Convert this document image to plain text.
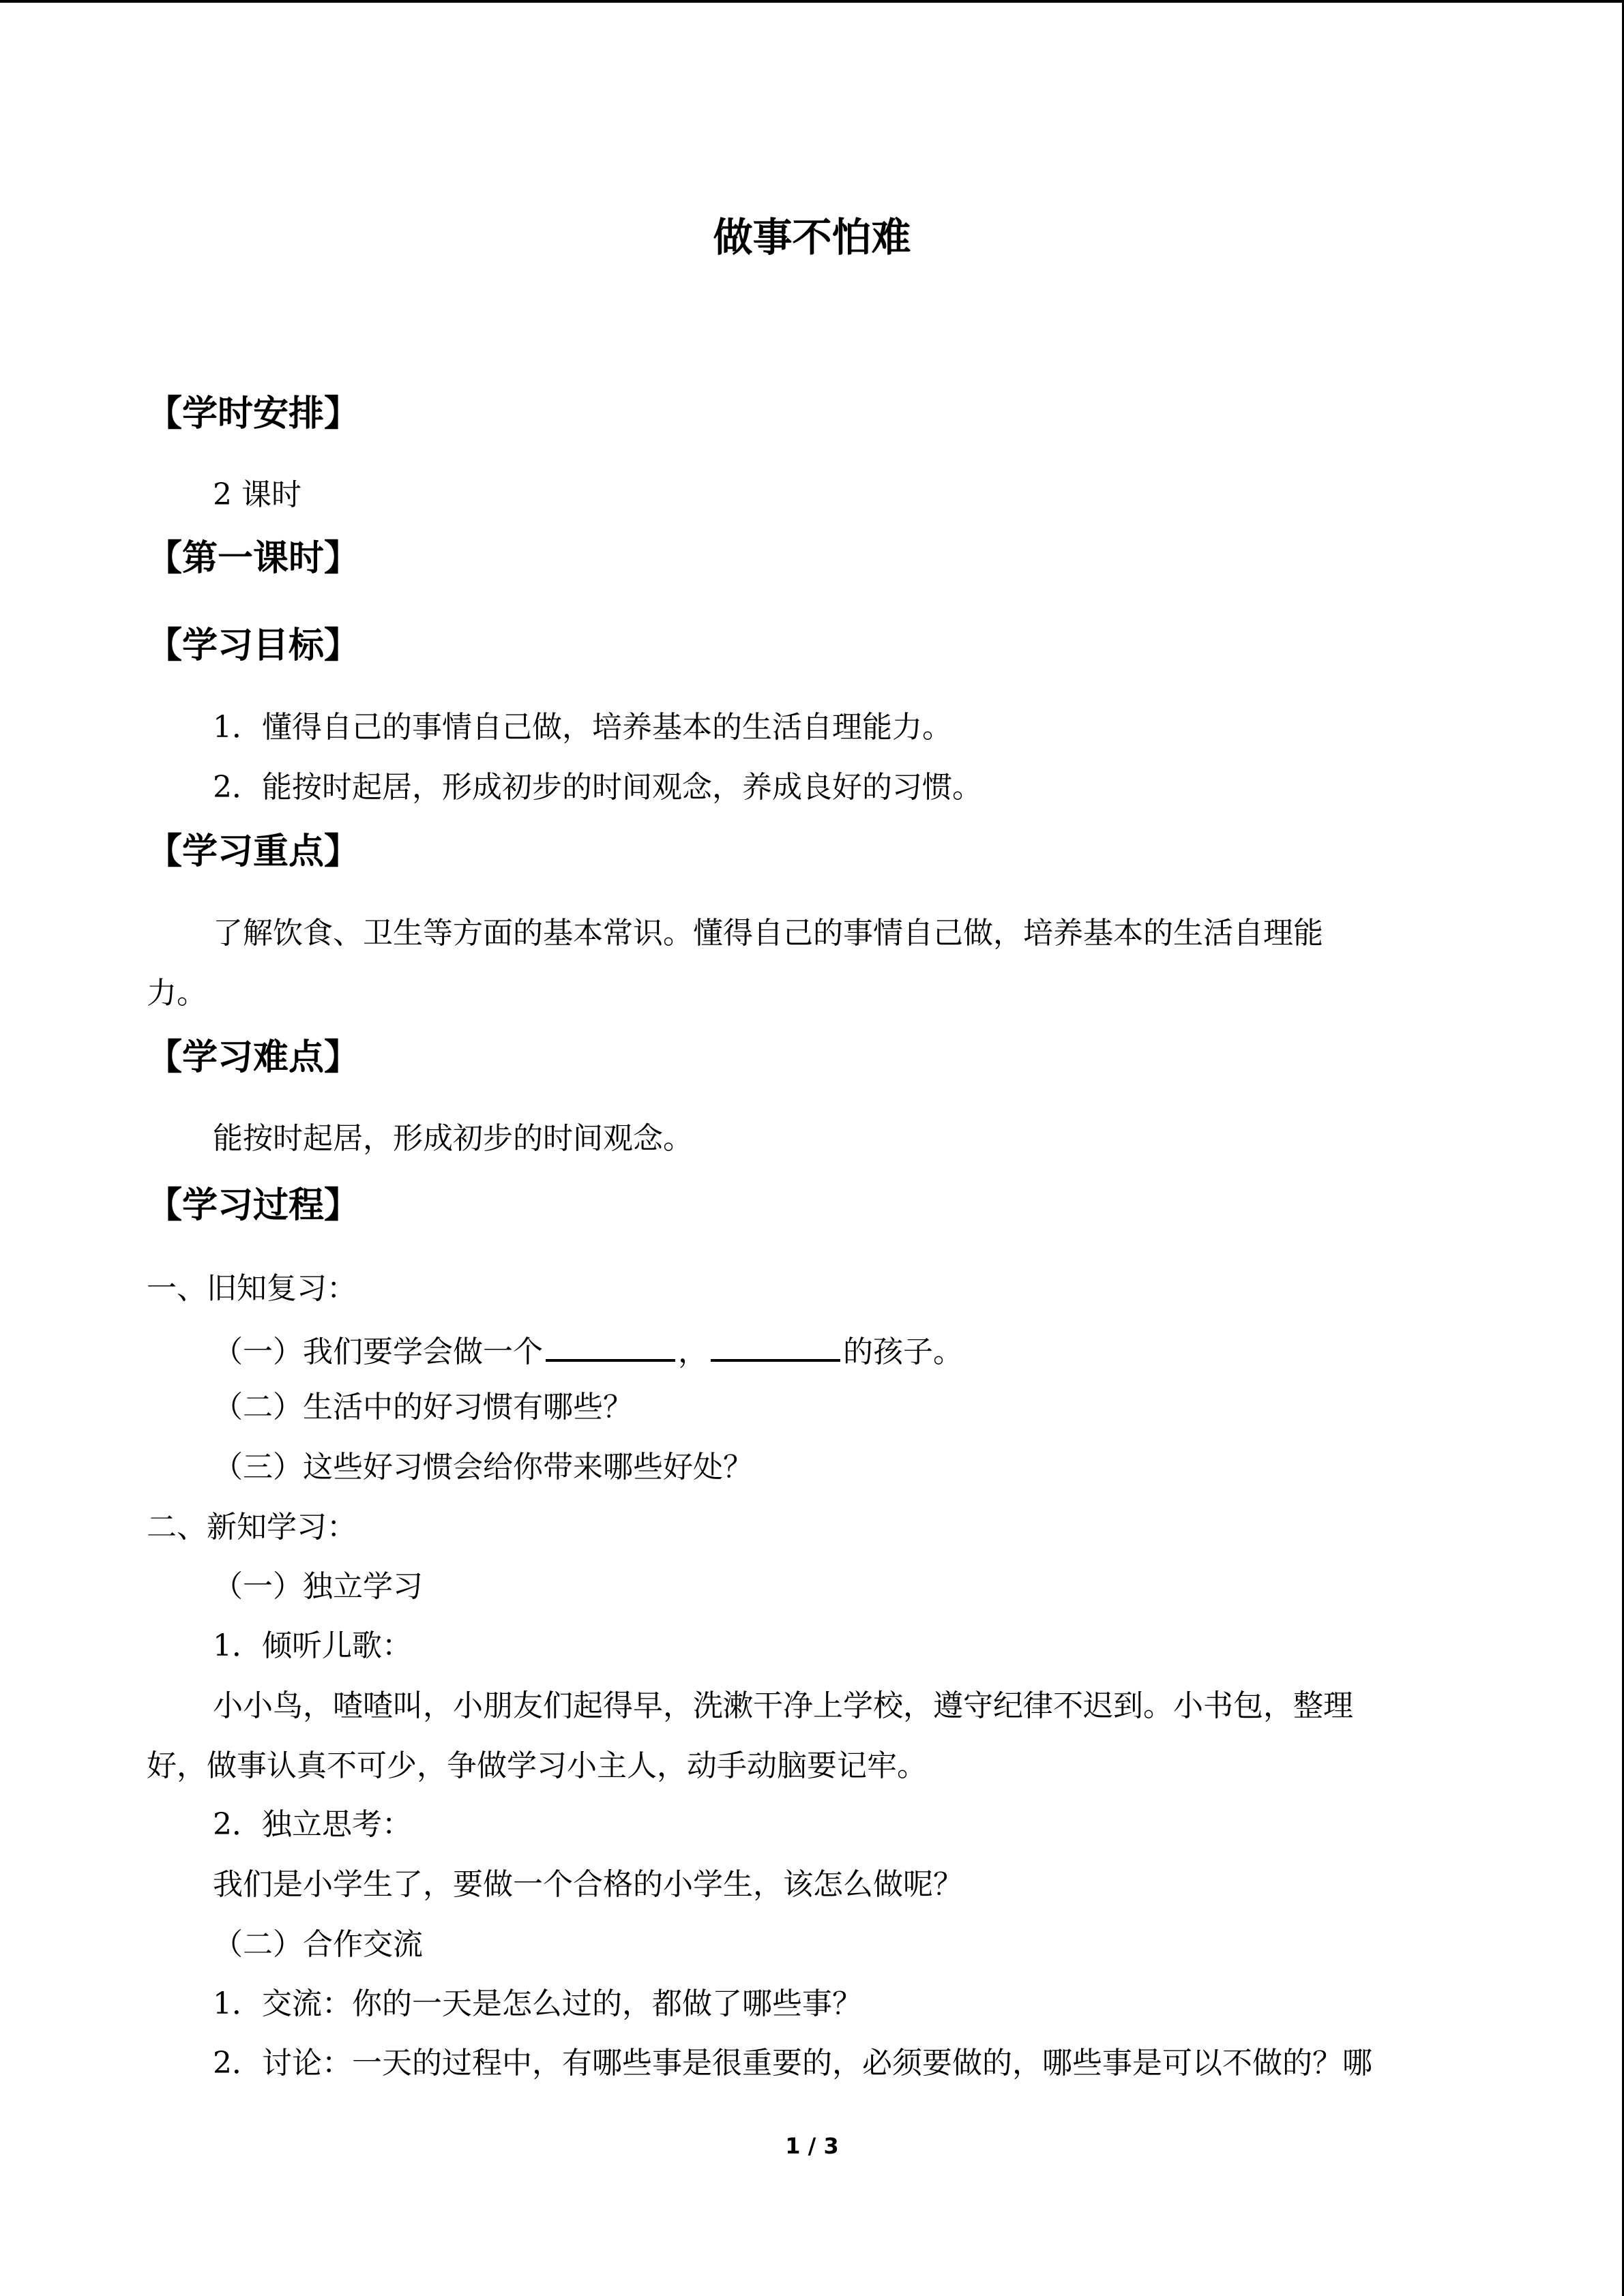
做事不怕难
【学时安排】
2 课时
【第一课时】
【学习目标】
1．懂得自己的事情自己做，培养基本的生活自理能力。
2．能按时起居，形成初步的时间观念，养成良好的习惯。
【学习重点】
了解饮食、卫生等方面的基本常识。懂得自己的事情自己做，培养基本的生活自理能
力。
【学习难点】
能按时起居，形成初步的时间观念。
【学习过程】
一、旧知复习：
（一）我们要学会做一个	，	的孩子。
（二）生活中的好习惯有哪些？
（三）这些好习惯会给你带来哪些好处？
二、新知学习：
（一）独立学习
1．倾听儿歌：
小小鸟，喳喳叫，小朋友们起得早，洗漱干净上学校，遵守纪律不迟到。小书包，整理
好，做事认真不可少，争做学习小主人，动手动脑要记牢。
2．独立思考：
我们是小学生了，要做一个合格的小学生，该怎么做呢？
（二）合作交流
1．交流：你的一天是怎么过的，都做了哪些事？
2．讨论：一天的过程中，有哪些事是很重要的，必须要做的，哪些事是可以不做的？哪
1 / 3
